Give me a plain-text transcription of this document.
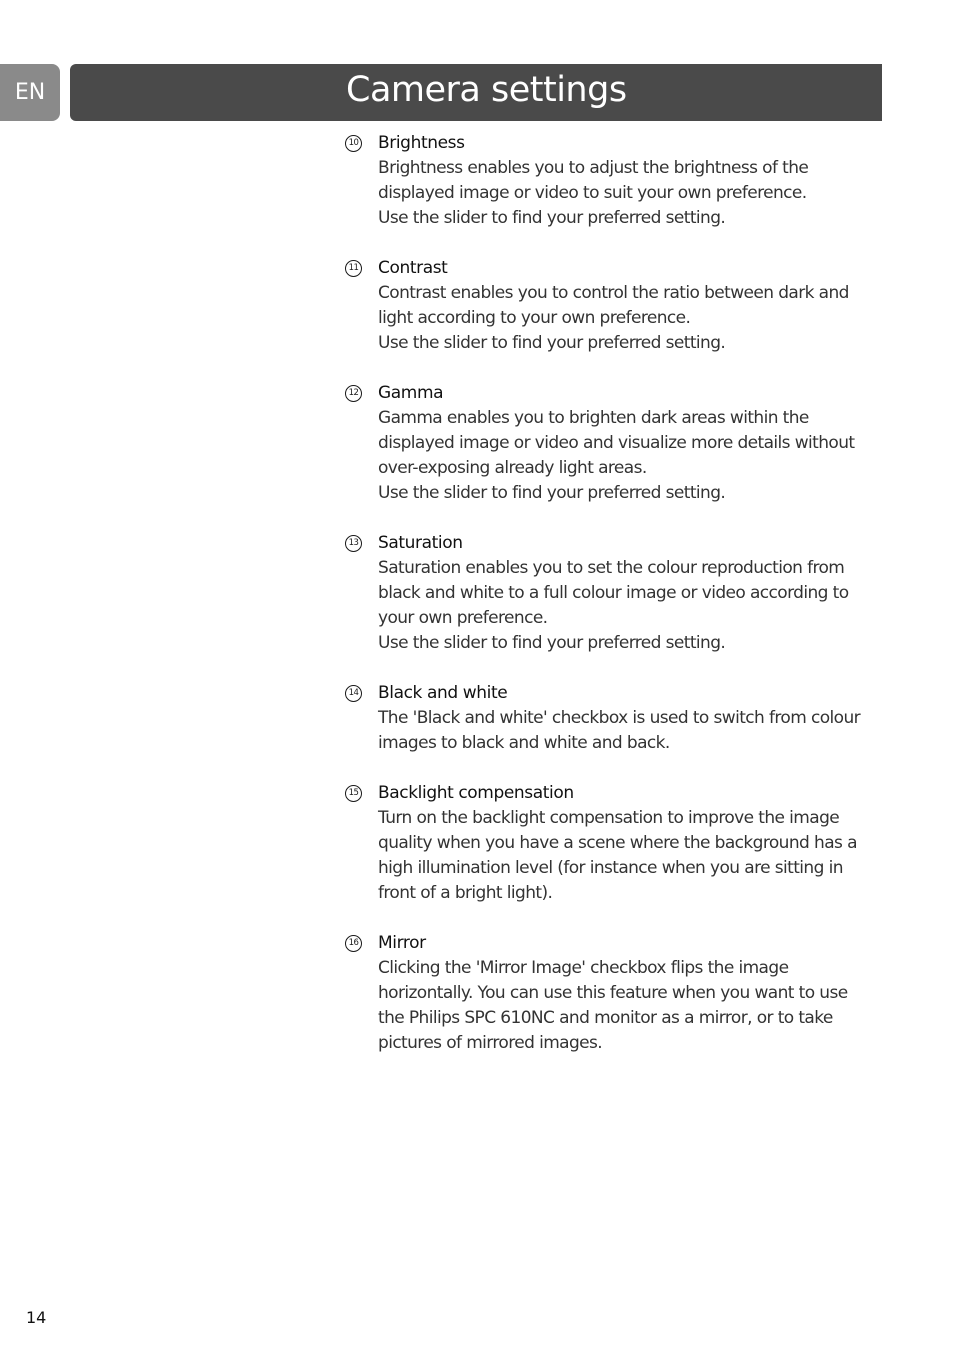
EN	Camera settings
10 Brightness

Brightness enables you to adjust the brightness of the
displayed image or video to suit your own preference.
Use the slider to find your preferred setting.

11 Contrast

Contrast enables you to control the ratio between dark and
light according to your own preference.
Use the slider to find your preferred setting.

12 Gamma

Gamma enables you to brighten dark areas within the
displayed image or video and visualize more details without
over-exposing already light areas.
Use the slider to find your preferred setting.

13 Saturation

Saturation enables you to set the colour reproduction from
black and white to a full colour image or video according to
your own preference.
Use the slider to find your preferred setting.

14 Black and white

The 'Black and white' checkbox is used to switch from colour
images to black and white and back.

15 Backlight compensation

Turn on the backlight compensation to improve the image
quality when you have a scene where the background has a
high illumination level (for instance when you are sitting in
front of a bright light).

16 Mirror

Clicking the 'Mirror Image' checkbox flips the image
horizontally. You can use this feature when you want to use
the Philips SPC 610NC and monitor as a mirror, or to take
pictures of mirrored images.

14
